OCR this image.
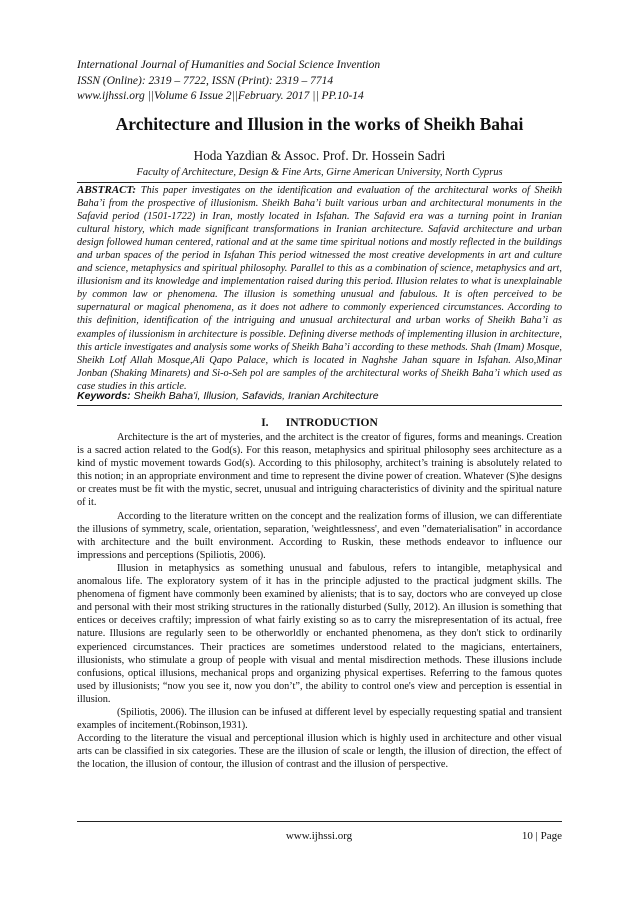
International Journal of Humanities and Social Science Invention
ISSN (Online): 2319 – 7722, ISSN (Print): 2319 – 7714
www.ijhssi.org ||Volume 6 Issue 2||February. 2017 || PP.10-14
Architecture and Illusion in the works of Sheikh Bahai
Hoda Yazdian & Assoc. Prof. Dr. Hossein Sadri
Faculty of Architecture, Design & Fine Arts, Girne American University, North Cyprus

ABSTRACT: This paper investigates on the identification and evaluation of the architectural works of Sheikh Baha’i from the prospective of illusionism. Sheikh Baha’i built various urban and architectural monuments in the Safavid period (1501-1722) in Iran, mostly located in Isfahan. The Safavid era was a turning point in Iranian cultural history, which made significant transformations in Iranian architecture. Safavid architecture and urban design followed human centered, rational and at the same time spiritual notions and mostly reflected in the buildings and urban spaces of the period in Isfahan This period witnessed the most creative developments in art and culture and science, metaphysics and spiritual philosophy. Parallel to this as a combination of science, metaphysics and art, illusionism and its knowledge and implementation raised during this period. Illusion relates to what is unexplainable by common law or phenomena. The illusion is something unusual and fabulous. It is often perceived to be supernatural or magical phenomena, as it does not adhere to commonly experienced circumstances. According to this definition, identification of the intriguing and unusual architectural and urban works of Sheikh Baha’i as examples of ilussionism in architecture is possible. Defining diverse methods of implementing illusion in architecture, this article investigates and analysis some works of Sheikh Baha’i according to these methods. Shah (Imam) Mosque, Sheikh Lotf Allah Mosque,Ali Qapo Palace, which is located in Naghshe Jahan square in Isfahan. Also,Minar Jonban (Shaking Minarets) and Si-o-Seh pol are samples of the architectural works of Sheikh Baha’i which used as case studies in this article.

Keywords: Sheikh Baha'i, Illusion, Safavids, Iranian Architecture
I.      INTRODUCTION

Architecture is the art of mysteries, and the architect is the creator of figures, forms and meanings. Creation is a sacred action related to the God(s). For this reason, metaphysics and spiritual philosophy sees architecture as a kind of mystic movement towards God(s). According to this philosophy, architect’s training is absolutely related to this notion; in an appropriate environment and time to represent the divine power of creation. Whatever (S)he designs or creates must be fit with the mystic, secret, unusual and intriguing characteristics of divinity and the spiritual nature of it.

According to the literature written on the concept and the realization forms of illusion, we can differentiate the illusions of symmetry, scale, orientation, separation, 'weightlessness', and even "dematerialisation" in accordance with architecture and the built environment. According to Ruskin, these methods endeavor to influence our impressions and perceptions (Spiliotis, 2006).

Illusion in metaphysics as something unusual and fabulous, refers to intangible, metaphysical and anomalous life. The exploratory system of it has in the principle adjusted to the practical judgment skills. The phenomena of figment have commonly been examined by alienists; that is to say, doctors who are conveyed up close and personal with their most striking structures in the rationally disturbed (Sully, 2012). An illusion is something that entices or deceives craftily; impression of what fairly existing so as to carry the misrepresentation of its actual, free nature. Illusions are regularly seen to be otherworldly or enchanted phenomena, as they don't stick to ordinarily experienced circumstances. Their practices are sometimes understood related to the magicians, entertainers, illusionists, who stimulate a group of people with visual and mental misdirection methods. These illusions include confusions, optical illusions, mechanical props and organizing physical expertises. Referring to the famous quotes used by illusionists; “now you see it, now you don’t”, the ability to control one's view and perception is essential in illusion.

(Spiliotis, 2006). The illusion can be infused at different level by especially requesting spatial and transient examples of incitement.(Robinson,1931).

According to the literature the visual and perceptional illusion which is highly used in architecture and other visual arts can be classified in six categories. These are the illusion of scale or length, the illusion of direction, the effect of the location, the illusion of contour, the illusion of contrast and the illusion of perspective.

www.ijhssi.org	10 | Page
